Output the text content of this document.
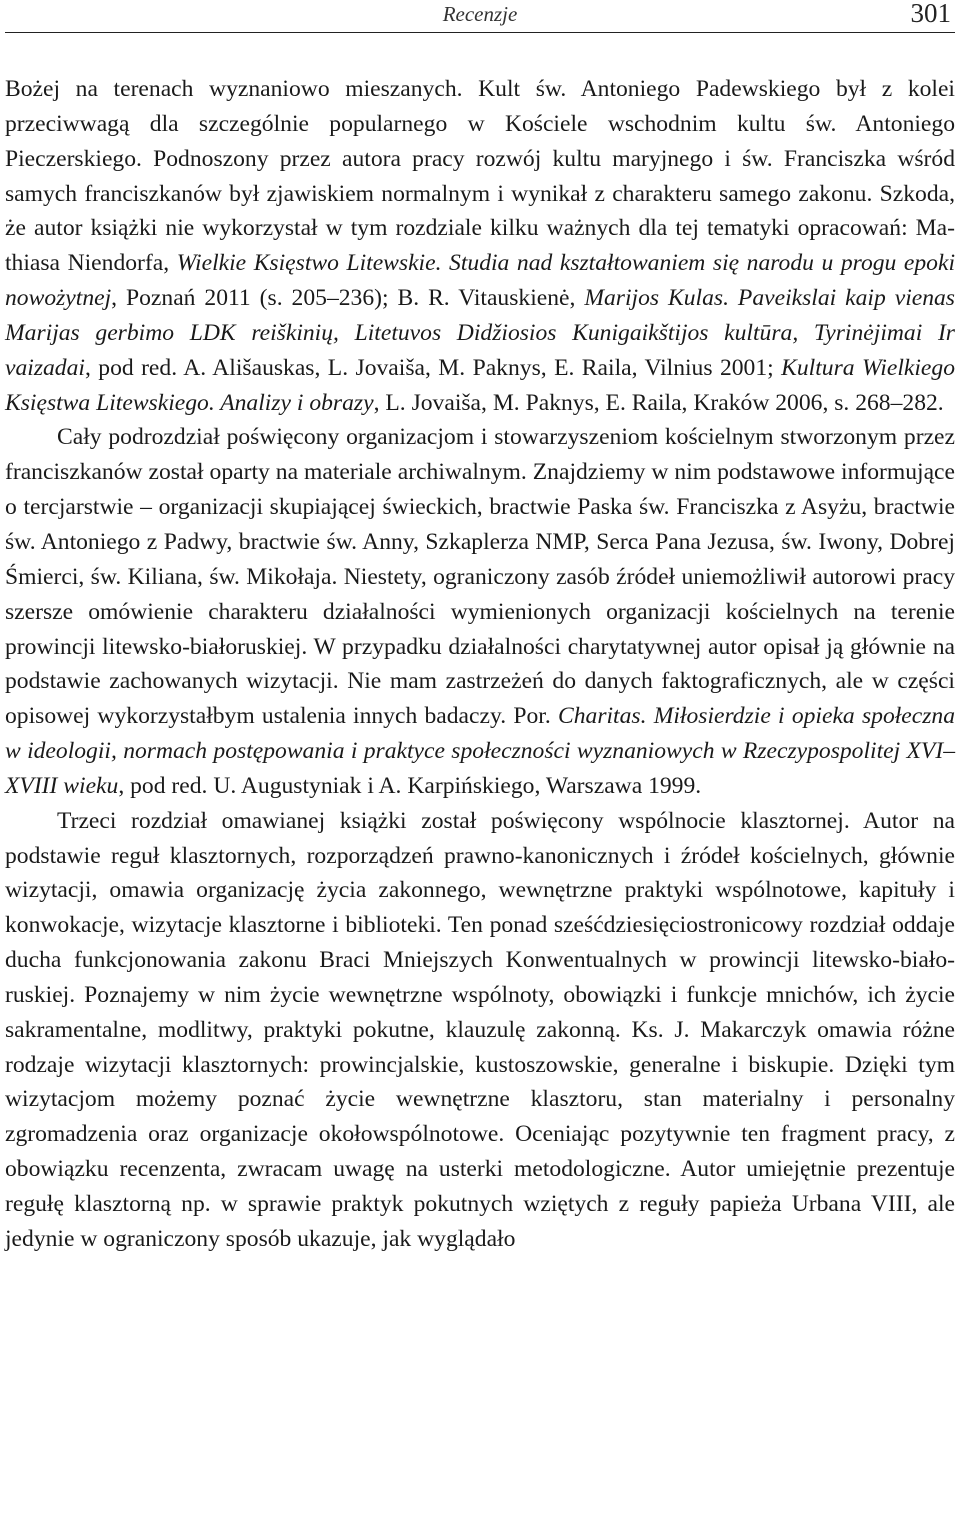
Recenzje	301

Bożej na terenach wyznaniowo mieszanych. Kult św. Antoniego Padewskiego był z kolei przeciwwagą dla szczególnie popularnego w Kościele wschodnim kultu św. Antoniego Pieczerskiego. Podnoszony przez autora pracy rozwój kultu maryjnego i św. Franciszka wśród samych franciszkanów był zjawiskiem normalnym i wynikał z charakteru samego zakonu. Szkoda, że autor książki nie wykorzystał w tym rozdziale kilku ważnych dla tej tematyki opracowań: Mathiasa Niendorfa, Wielkie Księstwo Litewskie. Studia nad kształtowaniem się narodu u progu epoki nowożytnej, Poznań 2011 (s. 205–236); B. R. Vitauskienė, Marijos Kulas. Paveikslai kaip vienas Marijas gerbimo LDK reiškinių, Litetuvos Didžiosios Kunigaikštijos kultūra, Tyrinėjimai Ir vaizadai, pod red. A. Ališauskas, L. Jovaiša, M. Paknys, E. Raila, Vilnius 2001; Kultura Wielkiego Księstwa Litewskiego. Analizy i obrazy, L. Jovaiša, M. Paknys, E. Raila, Kraków 2006, s. 268–282.

Cały podrozdział poświęcony organizacjom i stowarzyszeniom kościelnym stworzonym przez franciszkanów został oparty na materiale archiwalnym. Znajdziemy w nim podstawowe informujące o tercjarstwie – organizacji skupiającej świeckich, bractwie Paska św. Franciszka z Asyżu, bractwie św. Antoniego z Padwy, bractwie św. Anny, Szkaplerza NMP, Serca Pana Jezusa, św. Iwony, Dobrej Śmierci, św. Kiliana, św. Mikołaja. Niestety, ograniczony zasób źródeł uniemożliwił autorowi pracy szersze omówienie charakteru działalności wymienionych organizacji kościelnych na terenie prowincji litewsko-białoruskiej. W przypadku działalności charytatywnej autor opisał ją głównie na podstawie zachowanych wizytacji. Nie mam zastrzeżeń do danych faktograficznych, ale w części opisowej wykorzystałbym ustalenia innych badaczy. Por. Charitas. Miłosierdzie i opieka społeczna w ideologii, normach postępowania i praktyce społeczności wyznaniowych w Rzeczypospolitej XVI–XVIII wieku, pod red. U. Augustyniak i A. Karpińskiego, Warszawa 1999.

Trzeci rozdział omawianej książki został poświęcony wspólnocie klasztornej. Autor na podstawie reguł klasztornych, rozporządzeń prawno-kanonicznych i źródeł kościelnych, głównie wizytacji, omawia organizację życia zakonnego, wewnętrzne praktyki wspólnotowe, kapituły i konwokacje, wizytacje klasztorne i biblioteki. Ten ponad sześćdziesięciostronicowy rozdział oddaje ducha funkcjonowania zakonu Braci Mniejszych Konwentualnych w prowincji litewsko-białoruskiej. Poznajemy w nim życie wewnętrzne wspólnoty, obowiązki i funkcje mnichów, ich życie sakramentalne, modlitwy, praktyki pokutne, klauzulę zakonną. Ks. J. Makarczyk omawia różne rodzaje wizytacji klasztornych: prowincjalskie, kustoszowskie, generalne i biskupie. Dzięki tym wizytacjom możemy poznać życie wewnętrzne klasztoru, stan materialny i personalny zgromadzenia oraz organizacje okołowspólnotowe. Oceniając pozytywnie ten fragment pracy, z obowiązku recenzenta, zwracam uwagę na usterki metodologiczne. Autor umiejętnie prezentuje regułę klasztorną np. w sprawie praktyk pokutnych wziętych z reguły papieża Urbana VIII, ale jedynie w ograniczony sposób ukazuje, jak wyglądało
